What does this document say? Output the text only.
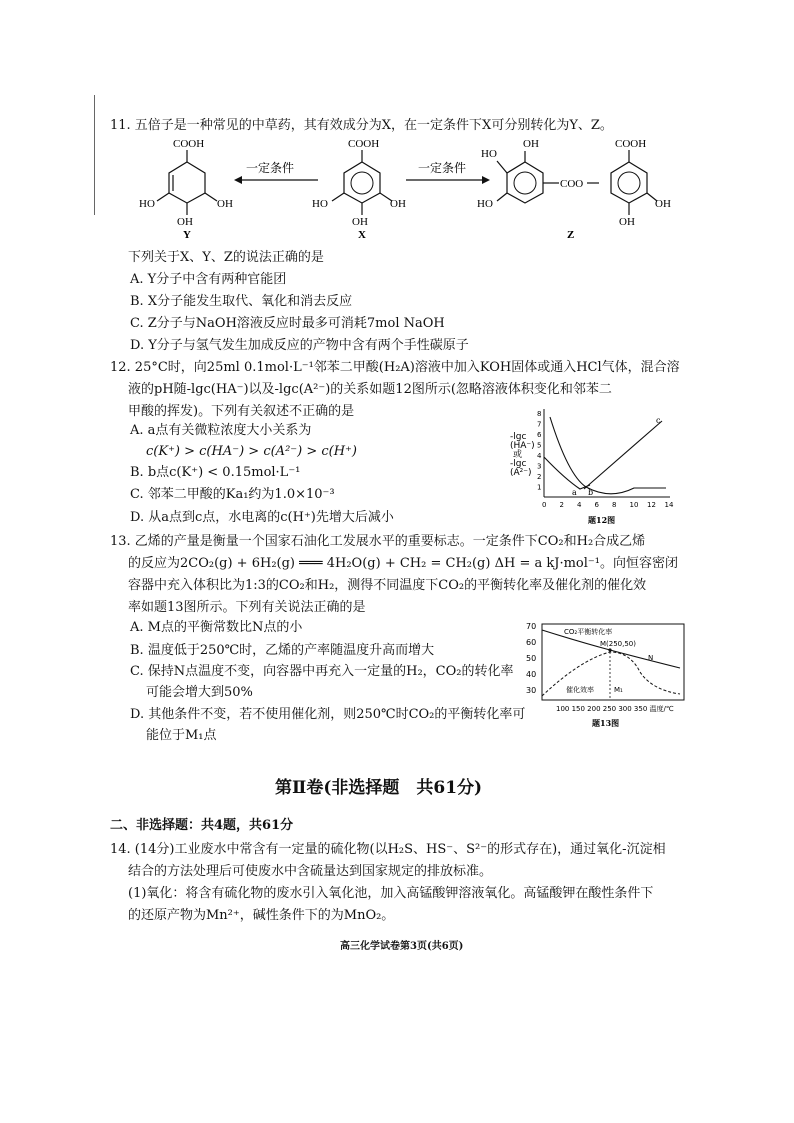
11. 五倍子是一种常见的中草药，其有效成分为X，在一定条件下X可分别转化为Y、Z。
COOH
HO
OH
OH
Y
一定条件
COOH
HO
OH
OH
X
一定条件
HO
OH
HO
COO
COOH
OH
OH
Z
下列关于X、Y、Z的说法正确的是
A. Y分子中含有两种官能团
B. X分子能发生取代、氧化和消去反应
C. Z分子与NaOH溶液反应时最多可消耗7mol NaOH
D. Y分子与氢气发生加成反应的产物中含有两个手性碳原子
12. 25°C时，向25ml 0.1mol·L⁻¹邻苯二甲酸(H₂A)溶液中加入KOH固体或通入HCl气体，混合溶
液的pH随-lgc(HA⁻)以及-lgc(A²⁻)的关系如题12图所示(忽略溶液体积变化和邻苯二
甲酸的挥发)。下列有关叙述不正确的是
A. a点有关微粒浓度大小关系为
c(K⁺) > c(HA⁻) > c(A²⁻) > c(H⁺)
B. b点c(K⁺) < 0.15mol·L⁻¹
C. 邻苯二甲酸的Ka₁约为1.0×10⁻³
D. 从a点到c点，水电离的c(H⁺)先增大后减小
-lgc
(HA⁻)
或
-lgc
(A²⁻)
1
2
3
4
5
6
7
8
0 2 4 6 8 10 12 14
a b
c
题12图
13. 乙烯的产量是衡量一个国家石油化工发展水平的重要标志。一定条件下CO₂和H₂合成乙烯
的反应为2CO₂(g) + 6H₂(g) ═══ 4H₂O(g) + CH₂ = CH₂(g) ΔH = a kJ·mol⁻¹。向恒容密闭
容器中充入体积比为1:3的CO₂和H₂，测得不同温度下CO₂的平衡转化率及催化剂的催化效
率如题13图所示。下列有关说法正确的是
A. M点的平衡常数比N点的小
B. 温度低于250℃时，乙烯的产率随温度升高而增大
C. 保持N点温度不变，向容器中再充入一定量的H₂，CO₂的转化率
可能会增大到50%
D. 其他条件不变，若不使用催化剂，则250℃时CO₂的平衡转化率可
能位于M₁点
70
60
50
40
30
CO₂平衡转化率
M(250,50)
N
催化效率	M₁
100 150 200 250 300 350 温度/℃
题13图
第Ⅱ卷(非选择题　共61分)
二、非选择题：共4题，共61分
14. (14分)工业废水中常含有一定量的硫化物(以H₂S、HS⁻、S²⁻的形式存在)，通过氧化-沉淀相
结合的方法处理后可使废水中含硫量达到国家规定的排放标准。
(1)氧化：将含有硫化物的废水引入氧化池，加入高锰酸钾溶液氧化。高锰酸钾在酸性条件下
的还原产物为Mn²⁺，碱性条件下的为MnO₂。
高三化学试卷第3页(共6页)
